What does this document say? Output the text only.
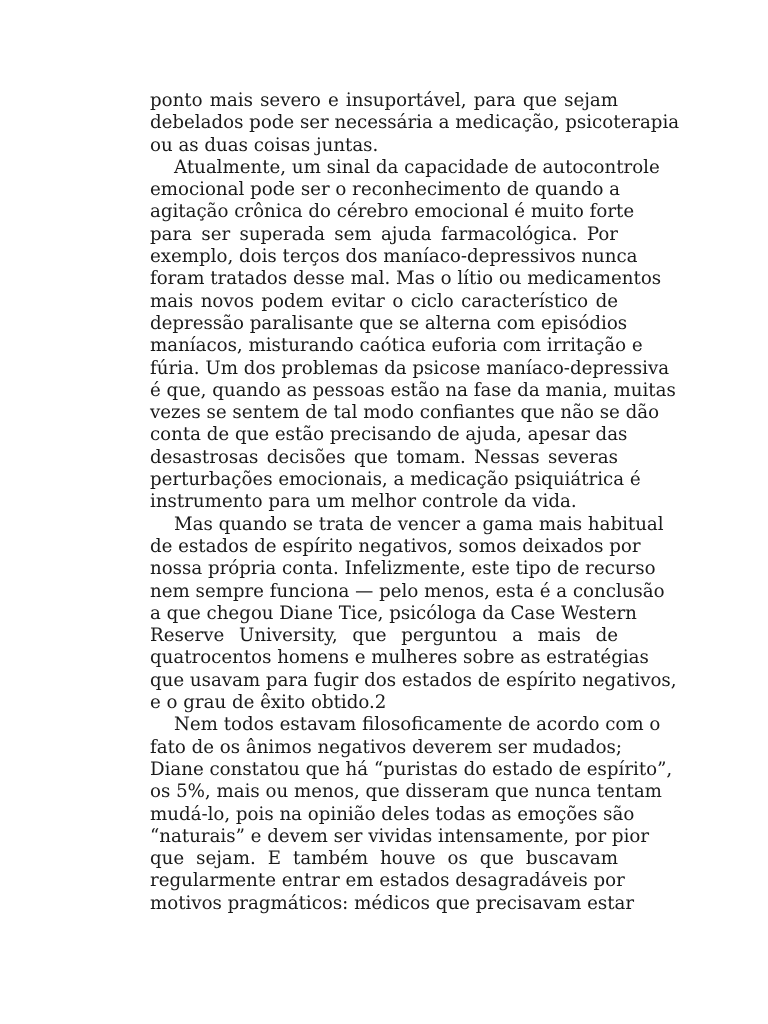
ponto mais severo e insuportável, para que sejam
debelados pode ser necessária a medicação, psicoterapia
ou as duas coisas juntas.
Atualmente, um sinal da capacidade de autocontrole
emocional pode ser o reconhecimento de quando a
agitação crônica do cérebro emocional é muito forte
para ser superada sem ajuda farmacológica. Por
exemplo, dois terços dos maníaco-depressivos nunca
foram tratados desse mal. Mas o lítio ou medicamentos
mais novos podem evitar o ciclo característico de
depressão paralisante que se alterna com episódios
maníacos, misturando caótica euforia com irritação e
fúria. Um dos problemas da psicose maníaco-depressiva
é que, quando as pessoas estão na fase da mania, muitas
vezes se sentem de tal modo confiantes que não se dão
conta de que estão precisando de ajuda, apesar das
desastrosas decisões que tomam. Nessas severas
perturbações emocionais, a medicação psiquiátrica é
instrumento para um melhor controle da vida.
Mas quando se trata de vencer a gama mais habitual
de estados de espírito negativos, somos deixados por
nossa própria conta. Infelizmente, este tipo de recurso
nem sempre funciona — pelo menos, esta é a conclusão
a que chegou Diane Tice, psicóloga da Case Western
Reserve University, que perguntou a mais de
quatrocentos homens e mulheres sobre as estratégias
que usavam para fugir dos estados de espírito negativos,
e o grau de êxito obtido.2
Nem todos estavam filosoficamente de acordo com o
fato de os ânimos negativos deverem ser mudados;
Diane constatou que há “puristas do estado de espírito”,
os 5%, mais ou menos, que disseram que nunca tentam
mudá-lo, pois na opinião deles todas as emoções são
“naturais” e devem ser vividas intensamente, por pior
que sejam. E também houve os que buscavam
regularmente entrar em estados desagradáveis por
motivos pragmáticos: médicos que precisavam estar
